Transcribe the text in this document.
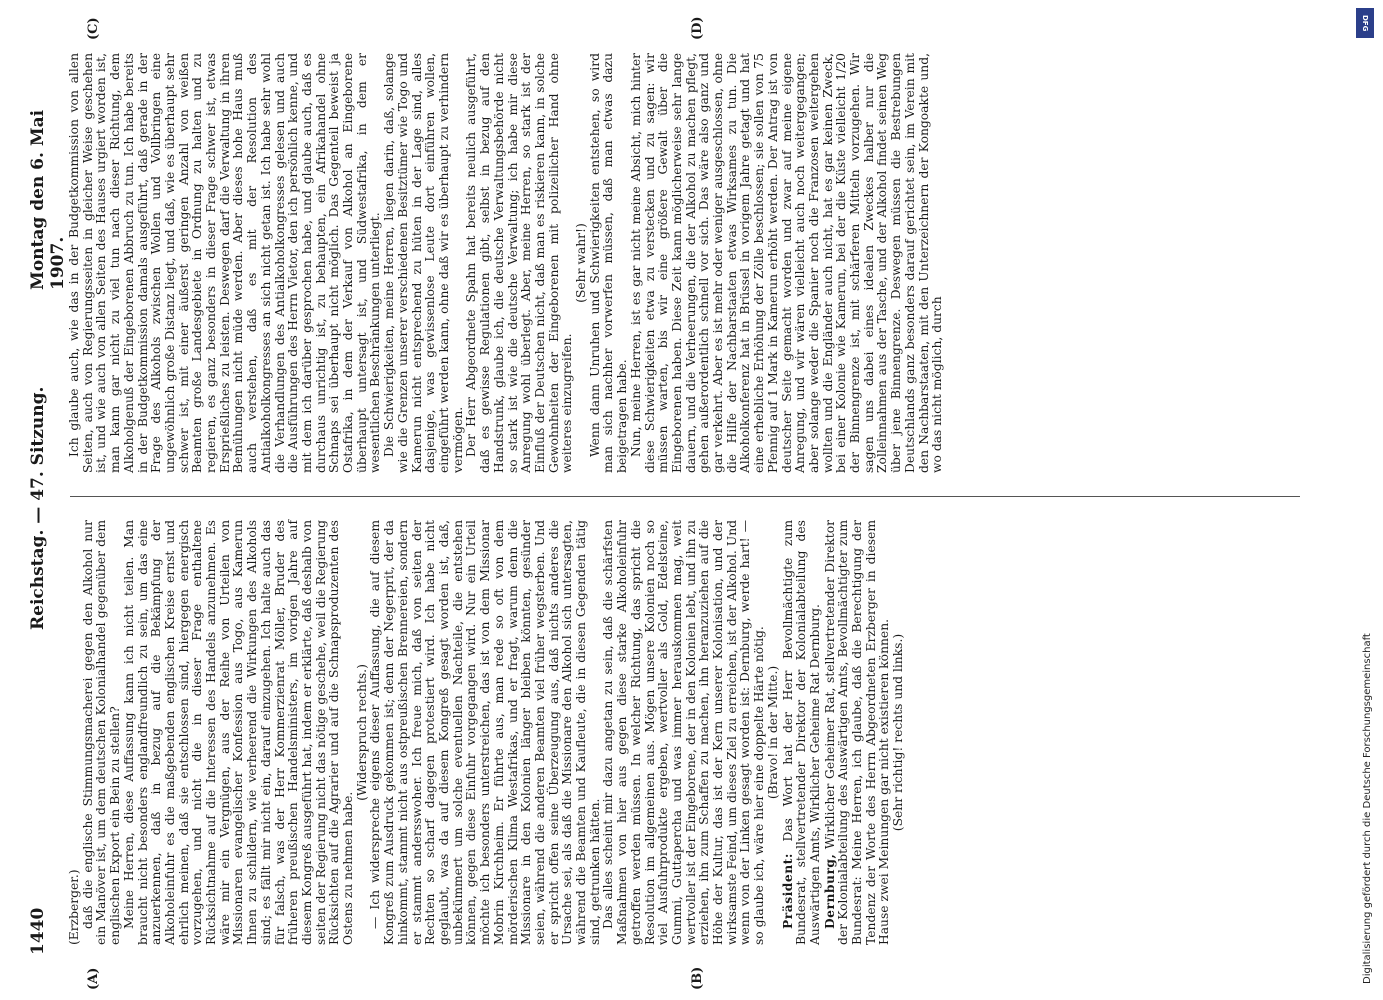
1440
Reichstag. — 47. Sitzung.
Montag den 6. Mai 1907.
(A)	(B)
(C)	(D)

(Erzberger.) daß die englische Stimmungsmacherei gegen den Alkohol nur ein Manöver ist, um dem deutschen Kolonialhandel gegenüber dem englischen Export ein Bein zu stellen? Meine Herren, diese Auffassung kann ich nicht teilen. Man braucht nicht besonders englandfreundlich zu sein, um das eine anzuerkennen, daß in bezug auf die Bekämpfung der Alkoholeinfuhr es die maßgebenden englischen Kreise ernst und ehrlich meinen, daß sie entschlossen sind, hiergegen energisch vorzugehen, und nicht die in dieser Frage enthaltene Rücksichtnahme auf die Interessen des Handels anzunehmen. Es wäre mir ein Vergnügen, aus der Reihe von Urteilen von Missionaren evangelischer Konfession aus Togo, aus Kamerun Ihnen zu schildern, wie verheerend die Wirkungen des Alkohols sind; es fällt mir nicht ein, darauf einzugehen. Ich halte auch das für falsch, was der Herr Kommerzienrat Möller, Bruder des früheren preußischen Handelsministers, im vorigen Jahre auf diesem Kongreß ausgeführt hat, indem er erklärte, daß deshalb von seiten der Regierung nicht das nötige geschehe, weil die Regierung Rücksichten auf die Agrarier und auf die Schnapsproduzenten des Ostens zu nehmen habe.

(Widerspruch rechts.) — Ich widerspreche eigens dieser Auffassung, die auf diesem Kongreß zum Ausdruck gekommen ist; denn der Negerprit, der da hinkommt, stammt nicht aus ostpreußischen Brennereien, sondern er stammt andersswoher. Ich freue mich, daß von seiten der Rechten so scharf dagegen protestiert wird. Ich habe nicht geglaubt, was da auf diesem Kongreß gesagt worden ist, daß, unbekümmert um solche eventuellen Nachteile, die entstehen können, gegen diese Einfuhr vorgegangen wird. Nur ein Urteil möchte ich besonders unterstreichen, das ist von dem Missionar Mobrin Kirchheim. Er führte aus, man rede so oft von dem mörderischen Klima Westafrikas, und er fragt, warum denn die Missionare in den Kolonien länger bleiben könnten, gesünder seien, während die anderen Beamten viel früher wegsterben. Und er spricht offen seine Überzeugung aus, daß nichts anderes die Ursache sei, als daß die Missionare den Alkohol sich untersagten, während die Beamten und Kaufleute, die in diesen Gegenden tätig sind, getrunken hätten. Das alles scheint mir dazu angetan zu sein, daß die schärfsten Maßnahmen von hier aus gegen diese starke Alkoholeinfuhr getroffen werden müssen. In welcher Richtung, das spricht die Resolution im allgemeinen aus. Mögen unsere Kolonien noch so viel Ausfuhrprodukte ergeben, wertvoller als Gold, Edelsteine, Gummi, Guttapercha und was immer herauskommen mag, weit wertvoller ist der Eingeborene, der in den Kolonien lebt, und ihn zu erziehen, ihn zum Schaffen zu machen, ihn heranzuziehen auf die Höhe der Kultur, das ist der Kern unserer Kolonisation, und der wirksamste Feind, um dieses Ziel zu erreichen, ist der Alkohol. Und wenn von der Linken gesagt worden ist: Dernburg, werde hart! — so glaube ich, wäre hier eine doppelte Härte nötig. (Bravo! in der Mitte.)

Präsident: Das Wort hat der Herr Bevollmächtigte zum Bundesrat, stellvertretender Direktor der Kolonialabteilung des Auswärtigen Amts, Wirklicher Geheime Rat Dernburg. Dernburg, Wirklicher Geheimer Rat, stellvertretender Direktor der Kolonialabteilung des Auswärtigen Amts, Bevollmächtigter zum Bundesrat: Meine Herren, ich glaube, daß die Berechtigung der Tendenz der Worte des Herrn Abgeordneten Erzberger in diesem Hause zwei Meinungen gar nicht existieren können. (Sehr richtig! rechts und links.)

Ich glaube auch, wie das in der Budgetkommission von allen Seiten, auch von Regierungsseiten in gleicher Weise geschehen ist, und wie auch von allen Seiten des Hauses urgiert worden ist, man kann gar nicht zu viel tun nach dieser Richtung, dem Alkoholgenuß der Eingeborenen Abbruch zu tun. Ich habe bereits in der Budgetkommission damals ausgeführt, daß gerade in der Frage des Alkohols zwischen Wollen und Vollbringen eine ungewöhnlich große Distanz liegt, und daß, wie es überhaupt sehr schwer ist, mit einer äußerst geringen Anzahl von weißen Beamten große Landesgebiete in Ordnung zu halten und zu regieren, es ganz besonders in dieser Frage schwer ist, etwas Ersprießliches zu leisten. Deswegen darf die Verwaltung in ihren Bemühungen nicht müde werden. Aber dieses hohe Haus muß auch verstehen, daß es mit der Resolution des Antialkoholkongresses an sich nicht getan ist. Ich habe sehr wohl die Verhandlungen des Antialkoholkongresses gelesen und auch die Ausführungen des Herrn Vietor, den ich persönlich kenne, und mit dem ich darüber gesprochen habe, und glaube auch, daß es durchaus unrichtig ist, zu behaupten, ein Afrikahandel ohne Schnaps sei überhaupt nicht möglich. Das Gegenteil beweist ja Ostafrika, in dem der Verkauf von Alkohol an Eingeborene überhaupt untersagt ist, und Südwestafrika, in dem er wesentlichen Beschränkungen unterliegt. Die Schwierigkeiten, meine Herren, liegen darin, daß, solange wie die Grenzen unserer verschiedenen Besitztümer wie Togo und Kamerun nicht entsprechend zu hüten in der Lage sind, alles dasjenige, was gewissenlose Leute dort einführen wollen, eingeführt werden kann, ohne daß wir es überhaupt zu verhindern vermögen. Der Herr Abgeordnete Spahn hat bereits neulich ausgeführt, daß es gewisse Regulationen gibt, selbst in bezug auf den Handstrunk, glaube ich, die deutsche Verwaltungsbehörde nicht so stark ist wie die deutsche Verwaltung; ich habe mir diese Anregung wohl überlegt. Aber, meine Herren, so stark ist der Einfluß der Deutschen nicht, daß man es riskieren kann, in solche Gewohnheiten der Eingeborenen mit polizeilicher Hand ohne weiteres einzugreifen.

(Sehr wahr!) Wenn dann Unruhen und Schwierigkeiten entstehen, so wird man sich nachher vorwerfen müssen, daß man etwas dazu beigetragen habe. Nun, meine Herren, ist es gar nicht meine Absicht, mich hinter diese Schwierigkeiten etwa zu verstecken und zu sagen: wir müssen warten, bis wir eine größere Gewalt über die Eingeborenen haben. Diese Zeit kann möglicherweise sehr lange dauern, und die Verheerungen, die der Alkohol zu machen pflegt, gehen außerordentlich schnell vor sich. Das wäre also ganz und gar verkehrt. Aber es ist mehr oder weniger ausgeschlossen, ohne die Hilfe der Nachbarstaaten etwas Wirksames zu tun. Die Alkoholkonferenz hat in Brüssel in vorigem Jahre getagt und hat eine erhebliche Erhöhung der Zölle beschlossen; sie sollen von 75 Pfennig auf 1 Mark in Kamerun erhöht werden. Der Antrag ist von deutscher Seite gemacht worden und zwar auf meine eigene Anregung, und wir wären vielleicht auch noch weitergegangen; aber solange weder die Spanier noch die Franzosen weitergehen wollten und die Engländer auch nicht, hat es gar keinen Zweck, bei einer Kolonie wie Kamerun, bei der die Küste vielleicht 1/20 der Binnengrenze ist, mit schärferen Mitteln vorzugehen. Wir sagen uns dabei eines idealen Zweckes halber nur die Zolleinnahmen aus der Tasche, und der Alkohol findet seinen Weg über jene Binnengrenze. Deswegen müssen die Bestrebungen Deutschlands ganz besonders darauf gerichtet sein, im Verein mit den Nachbarstaaten, mit den Unterzeichnern der Kongoakte und, wo das nicht möglich, durch

DFG
Digitalisierung gefördert durch die Deutsche Forschungsgemeinschaft
